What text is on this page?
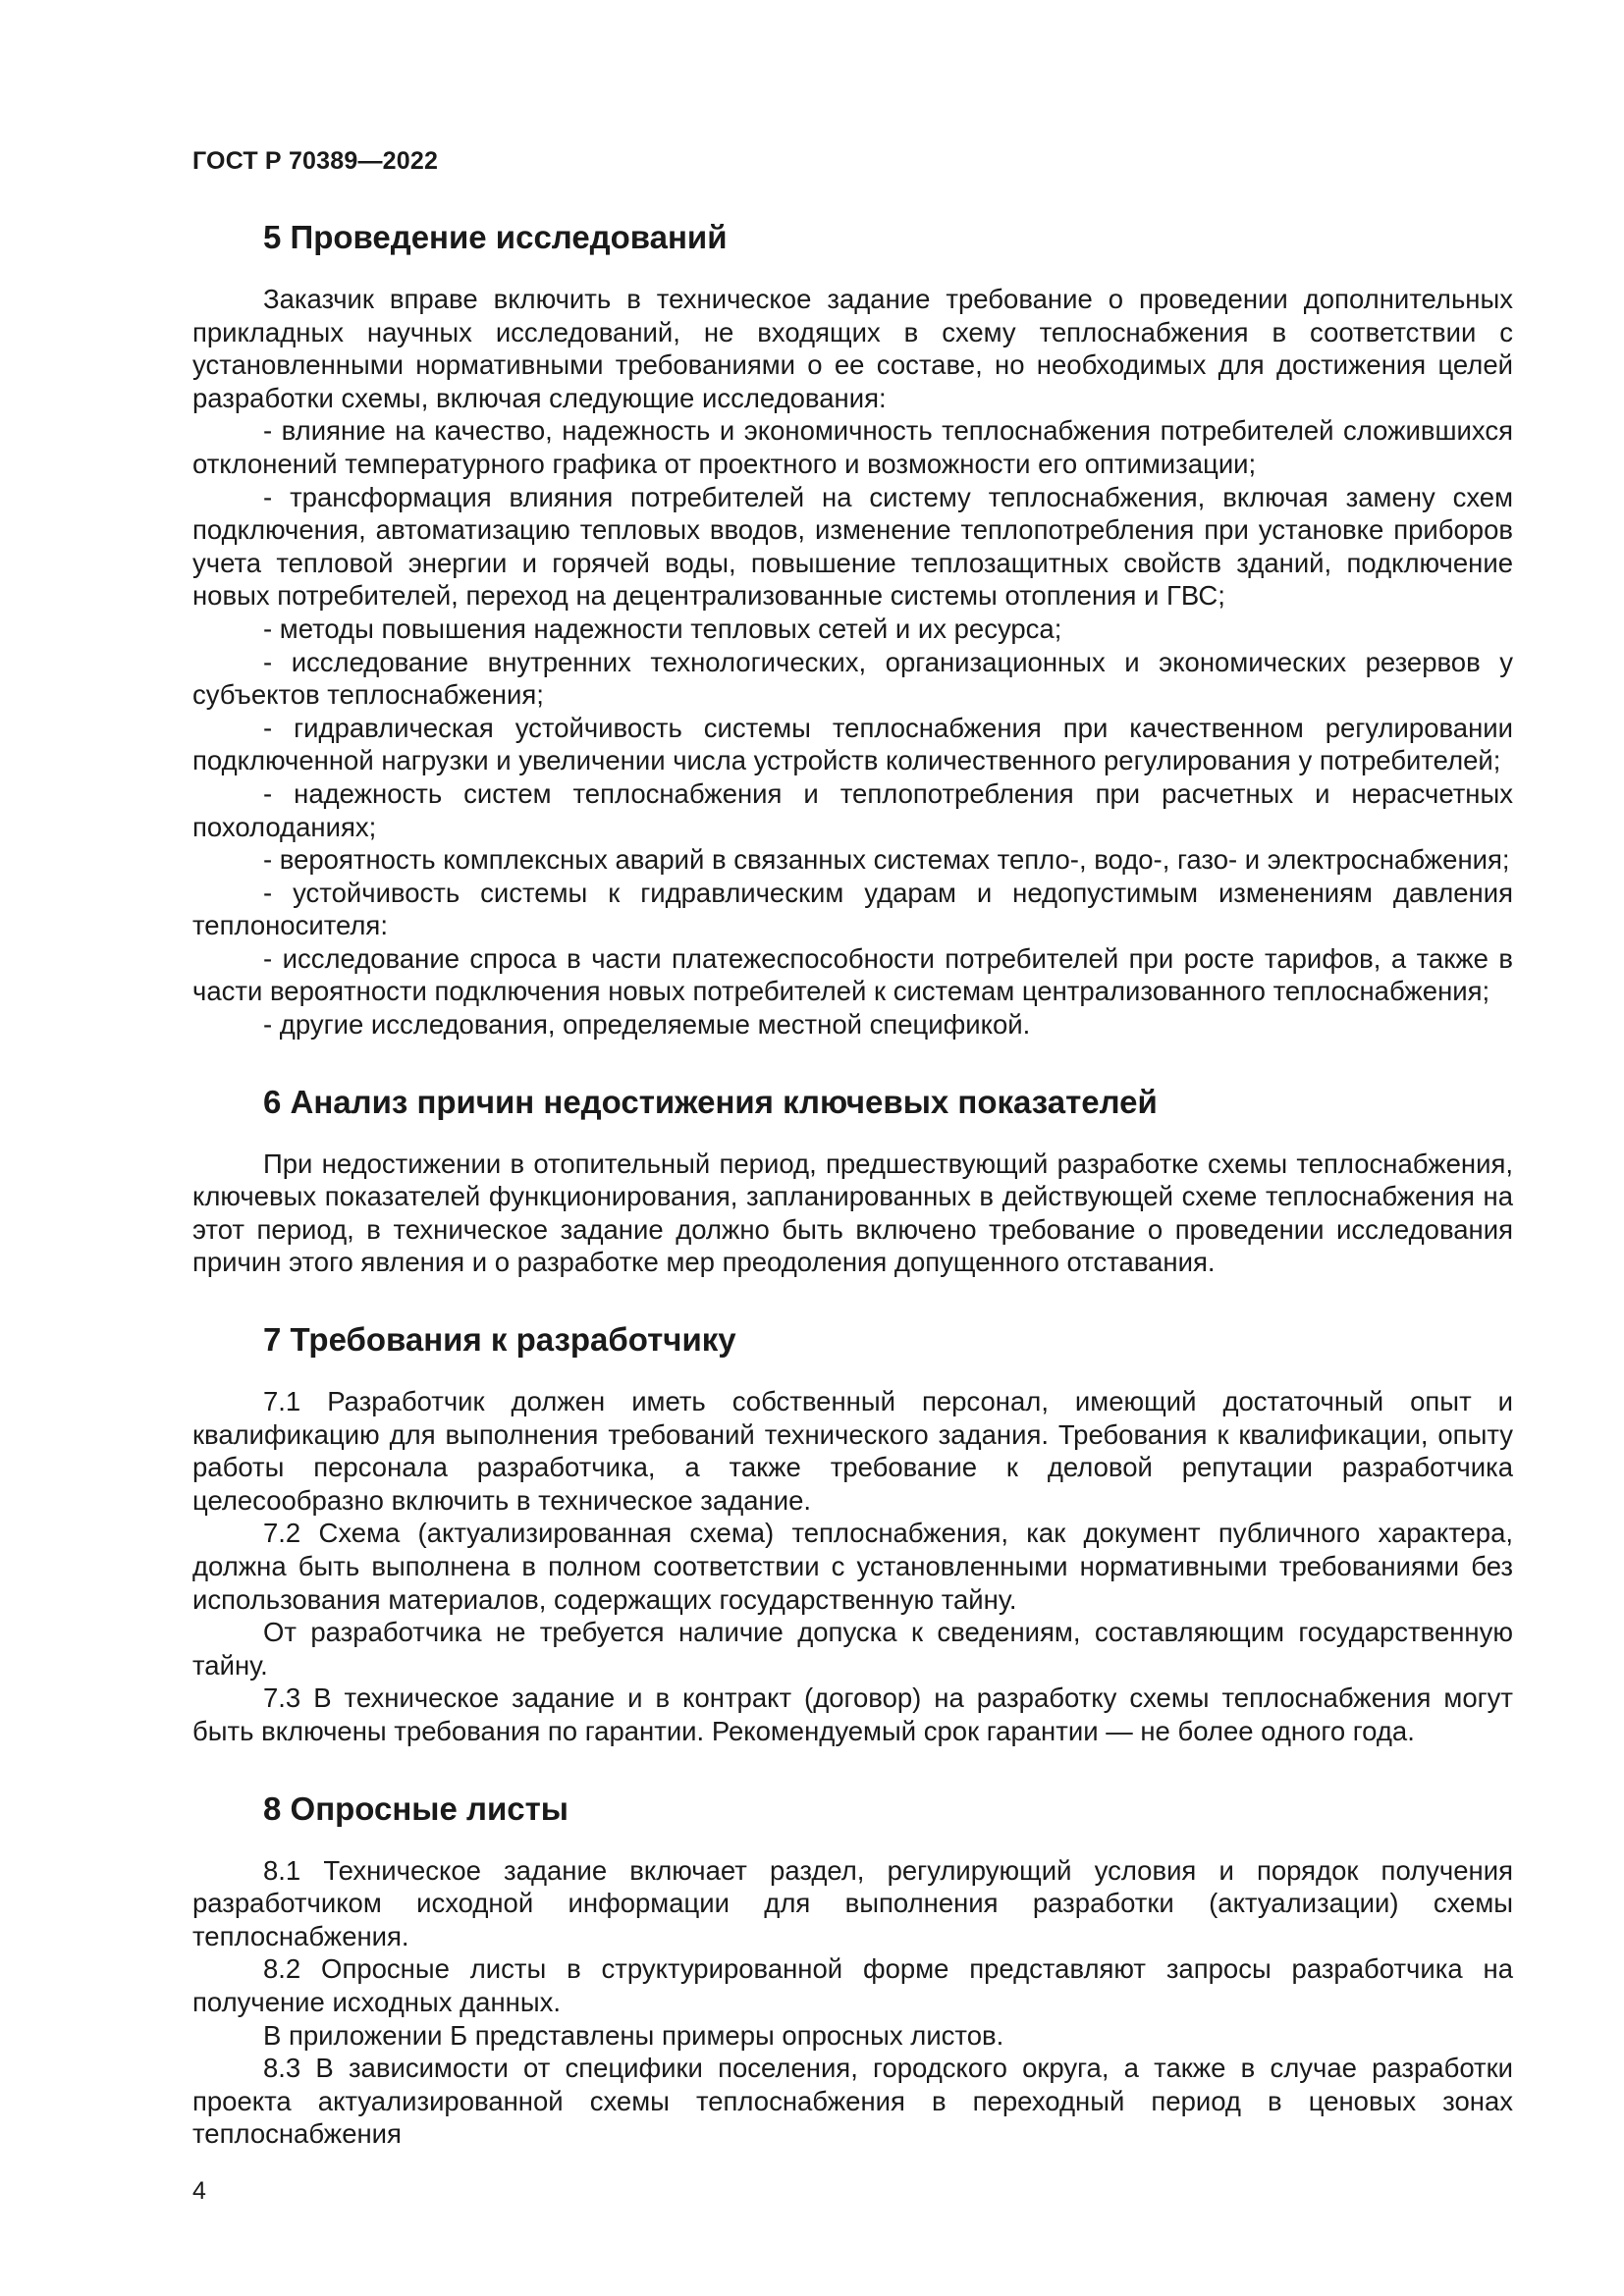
ГОСТ Р 70389—2022
5 Проведение исследований

Заказчик вправе включить в техническое задание требование о проведении дополнительных прикладных научных исследований, не входящих в схему теплоснабжения в соответствии с установленными нормативными требованиями о ее составе, но необходимых для достижения целей разработки схемы, включая следующие исследования:

- влияние на качество, надежность и экономичность теплоснабжения потребителей сложившихся отклонений температурного графика от проектного и возможности его оптимизации;

- трансформация влияния потребителей на систему теплоснабжения, включая замену схем подключения, автоматизацию тепловых вводов, изменение теплопотребления при установке приборов учета тепловой энергии и горячей воды, повышение теплозащитных свойств зданий, подключение новых потребителей, переход на децентрализованные системы отопления и ГВС;

- методы повышения надежности тепловых сетей и их ресурса;

- исследование внутренних технологических, организационных и экономических резервов у субъектов теплоснабжения;

- гидравлическая устойчивость системы теплоснабжения при качественном регулировании подключенной нагрузки и увеличении числа устройств количественного регулирования у потребителей;

- надежность систем теплоснабжения и теплопотребления при расчетных и нерасчетных похолоданиях;

- вероятность комплексных аварий в связанных системах тепло-, водо-, газо- и электроснабжения;

- устойчивость системы к гидравлическим ударам и недопустимым изменениям давления теплоносителя:

- исследование спроса в части платежеспособности потребителей при росте тарифов, а также в части вероятности подключения новых потребителей к системам централизованного теплоснабжения;

- другие исследования, определяемые местной спецификой.

6 Анализ причин недостижения ключевых показателей

При недостижении в отопительный период, предшествующий разработке схемы теплоснабжения, ключевых показателей функционирования, запланированных в действующей схеме теплоснабжения на этот период, в техническое задание должно быть включено требование о проведении исследования причин этого явления и о разработке мер преодоления допущенного отставания.

7 Требования к разработчику

7.1 Разработчик должен иметь собственный персонал, имеющий достаточный опыт и квалификацию для выполнения требований технического задания. Требования к квалификации, опыту работы персонала разработчика, а также требование к деловой репутации разработчика целесообразно включить в техническое задание.

7.2 Схема (актуализированная схема) теплоснабжения, как документ публичного характера, должна быть выполнена в полном соответствии с установленными нормативными требованиями без использования материалов, содержащих государственную тайну.

От разработчика не требуется наличие допуска к сведениям, составляющим государственную тайну.

7.3 В техническое задание и в контракт (договор) на разработку схемы теплоснабжения могут быть включены требования по гарантии. Рекомендуемый срок гарантии — не более одного года.

8 Опросные листы

8.1 Техническое задание включает раздел, регулирующий условия и порядок получения разработчиком исходной информации для выполнения разработки (актуализации) схемы теплоснабжения.

8.2 Опросные листы в структурированной форме представляют запросы разработчика на получение исходных данных.

В приложении Б представлены примеры опросных листов.

8.3 В зависимости от специфики поселения, городского округа, а также в случае разработки проекта актуализированной схемы теплоснабжения в переходный период в ценовых зонах теплоснабжения

4
